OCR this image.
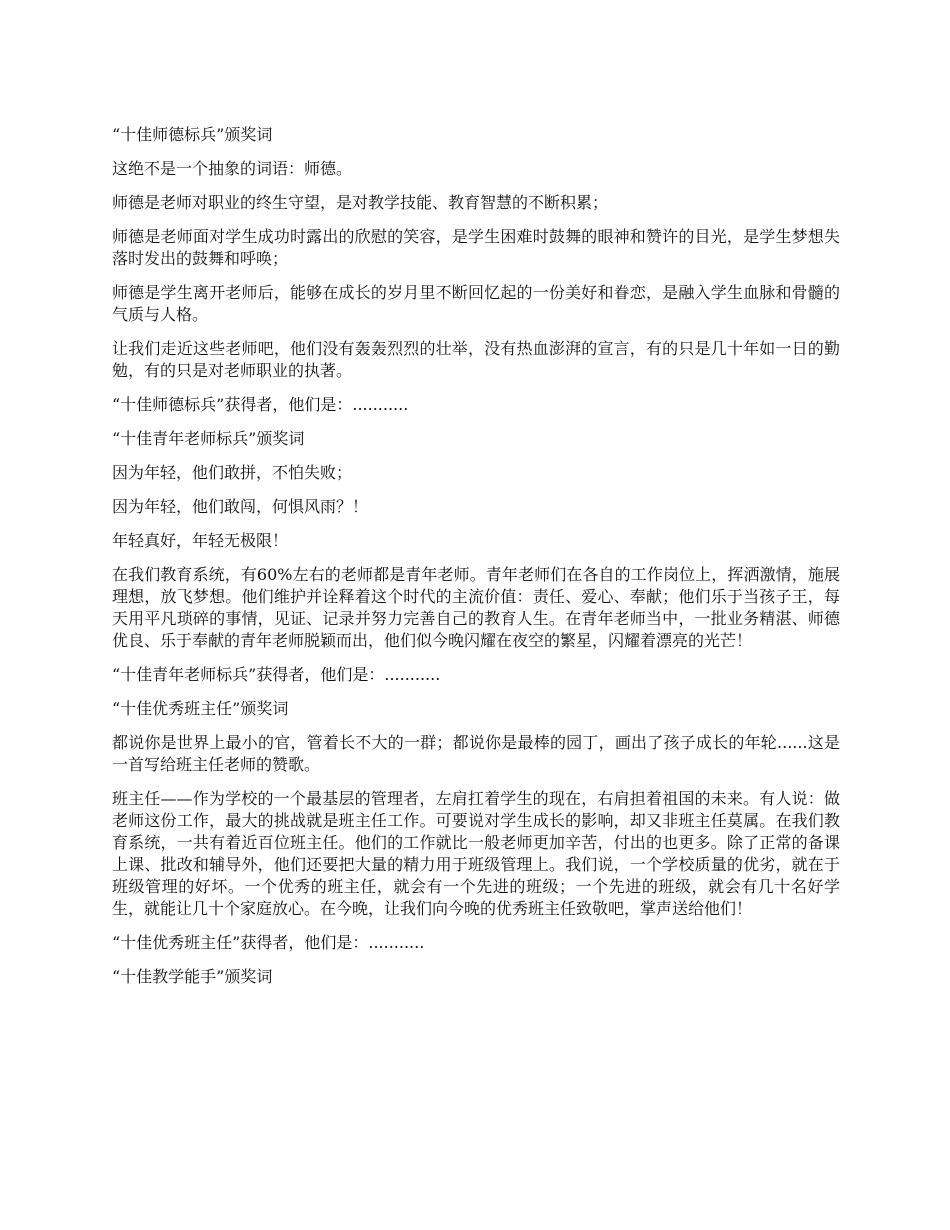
“十佳师德标兵”颁奖词

这绝不是一个抽象的词语：师德。

师德是老师对职业的终生守望，是对教学技能、教育智慧的不断积累；

师德是老师面对学生成功时露出的欣慰的笑容，是学生困难时鼓舞的眼神和赞许的目光，是学生梦想失落时发出的鼓舞和呼唤；

师德是学生离开老师后，能够在成长的岁月里不断回忆起的一份美好和眷恋，是融入学生血脉和骨髓的气质与人格。

让我们走近这些老师吧，他们没有轰轰烈烈的壮举，没有热血澎湃的宣言，有的只是几十年如一日的勤勉，有的只是对老师职业的执著。

“十佳师德标兵”获得者，他们是：...........

“十佳青年老师标兵”颁奖词

因为年轻，他们敢拼，不怕失败；

因为年轻，他们敢闯，何惧风雨？！

年轻真好，年轻无极限！

在我们教育系统，有60%左右的老师都是青年老师。青年老师们在各自的工作岗位上，挥洒激情，施展理想，放飞梦想。他们维护并诠释着这个时代的主流价值：责任、爱心、奉献；他们乐于当孩子王，每天用平凡琐碎的事情，见证、记录并努力完善自己的教育人生。在青年老师当中，一批业务精湛、师德优良、乐于奉献的青年老师脱颖而出，他们似今晚闪耀在夜空的繁星，闪耀着漂亮的光芒！

“十佳青年老师标兵”获得者，他们是：...........

“十佳优秀班主任”颁奖词

都说你是世界上最小的官，管着长不大的一群；都说你是最棒的园丁，画出了孩子成长的年轮......这是一首写给班主任老师的赞歌。

班主任——作为学校的一个最基层的管理者，左肩扛着学生的现在，右肩担着祖国的未来。有人说：做老师这份工作，最大的挑战就是班主任工作。可要说对学生成长的影响，却又非班主任莫属。在我们教育系统，一共有着近百位班主任。他们的工作就比一般老师更加辛苦，付出的也更多。除了正常的备课上课、批改和辅导外，他们还要把大量的精力用于班级管理上。我们说，一个学校质量的优劣，就在于班级管理的好坏。一个优秀的班主任，就会有一个先进的班级；一个先进的班级，就会有几十名好学生，就能让几十个家庭放心。在今晚，让我们向今晚的优秀班主任致敬吧，掌声送给他们！

“十佳优秀班主任”获得者，他们是：...........

“十佳教学能手”颁奖词
